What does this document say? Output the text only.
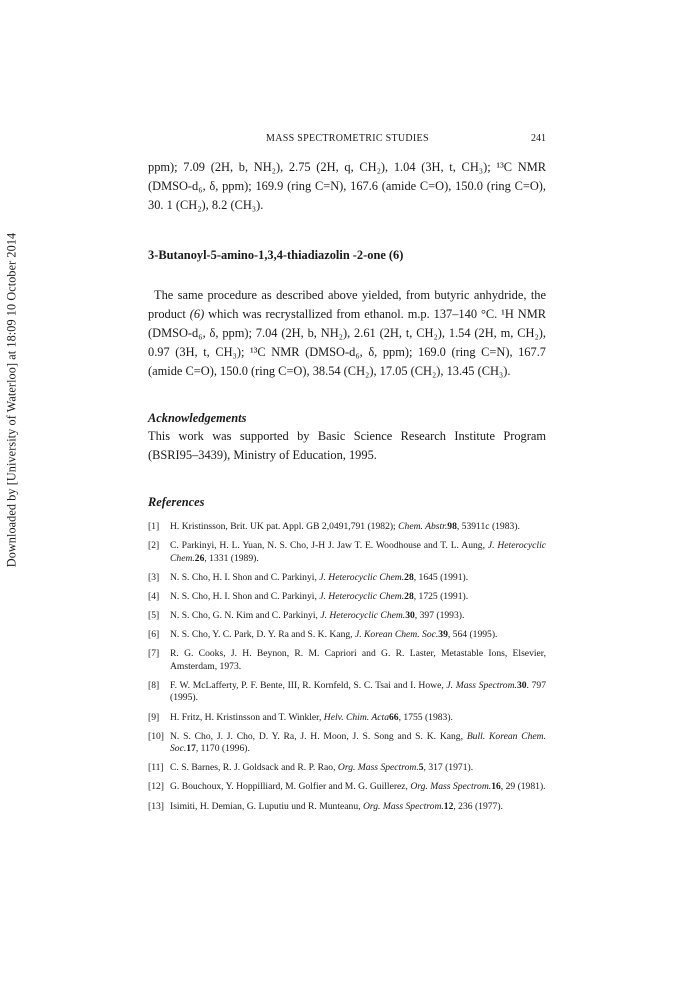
Downloaded by [University of Waterloo] at 18:09 10 October 2014
MASS SPECTROMETRIC STUDIES	241

ppm); 7.09 (2H, b, NH₂), 2.75 (2H, q, CH₂), 1.04 (3H, t, CH₃); ¹³C NMR (DMSO-d₆, δ, ppm); 169.9 (ring C=N), 167.6 (amide C=O), 150.0 (ring C=O), 30. 1 (CH₂), 8.2 (CH₃).

3-Butanoyl-5-amino-1,3,4-thiadiazolin -2-one (6)

The same procedure as described above yielded, from butyric anhydride, the product (6) which was recrystallized from ethanol. m.p. 137–140 °C. ¹H NMR (DMSO-d₆, δ, ppm); 7.04 (2H, b, NH₂), 2.61 (2H, t, CH₂), 1.54 (2H, m, CH₂), 0.97 (3H, t, CH₃); ¹³C NMR (DMSO-d₆, δ, ppm); 169.0 (ring C=N), 167.7 (amide C=O), 150.0 (ring C=O), 38.54 (CH₂), 17.05 (CH₂), 13.45 (CH₃).

Acknowledgements

This work was supported by Basic Science Research Institute Program (BSRI95–3439), Ministry of Education, 1995.

References

[1]	H. Kristinsson, Brit. UK pat. Appl. GB 2,0491,791 (1982); Chem. Abstr.98, 53911c (1983).
[2]	C. Parkinyi, H. L. Yuan, N. S. Cho, J-H J. Jaw T. E. Woodhouse and T. L. Aung, J. Heterocyclic Chem.26, 1331 (1989).
[3]	N. S. Cho, H. I. Shon and C. Parkinyi, J. Heterocyclic Chem.28, 1645 (1991).
[4]	N. S. Cho, H. I. Shon and C. Parkinyi, J. Heterocyclic Chem.28, 1725 (1991).
[5]	N. S. Cho, G. N. Kim and C. Parkinyi, J. Heterocyclic Chem.30, 397 (1993).
[6]	N. S. Cho, Y. C. Park, D. Y. Ra and S. K. Kang, J. Korean Chem. Soc.39, 564 (1995).
[7]	R. G. Cooks, J. H. Beynon, R. M. Capriori and G. R. Laster, Metastable Ions, Elsevier, Amsterdam, 1973.
[8]	F. W. McLafferty, P. F. Bente, III, R. Kornfeld, S. C. Tsai and I. Howe, J. Mass Spectrom.30. 797 (1995).
[9]	H. Fritz, H. Kristinsson and T. Winkler, Helv. Chim. Acta66, 1755 (1983).
[10] N. S. Cho, J. J. Cho, D. Y. Ra, J. H. Moon, J. S. Song and S. K. Kang, Bull. Korean Chem. Soc.17, 1170 (1996).
[11] C. S. Barnes, R. J. Goldsack and R. P. Rao, Org. Mass Spectrom.5, 317 (1971).
[12] G. Bouchoux, Y. Hoppilliard, M. Golfier and M. G. Guillerez, Org. Mass Spectrom.16, 29 (1981).
[13] Isimiti, H. Demian, G. Luputiu und R. Munteanu, Org. Mass Spectrom.12, 236 (1977).
